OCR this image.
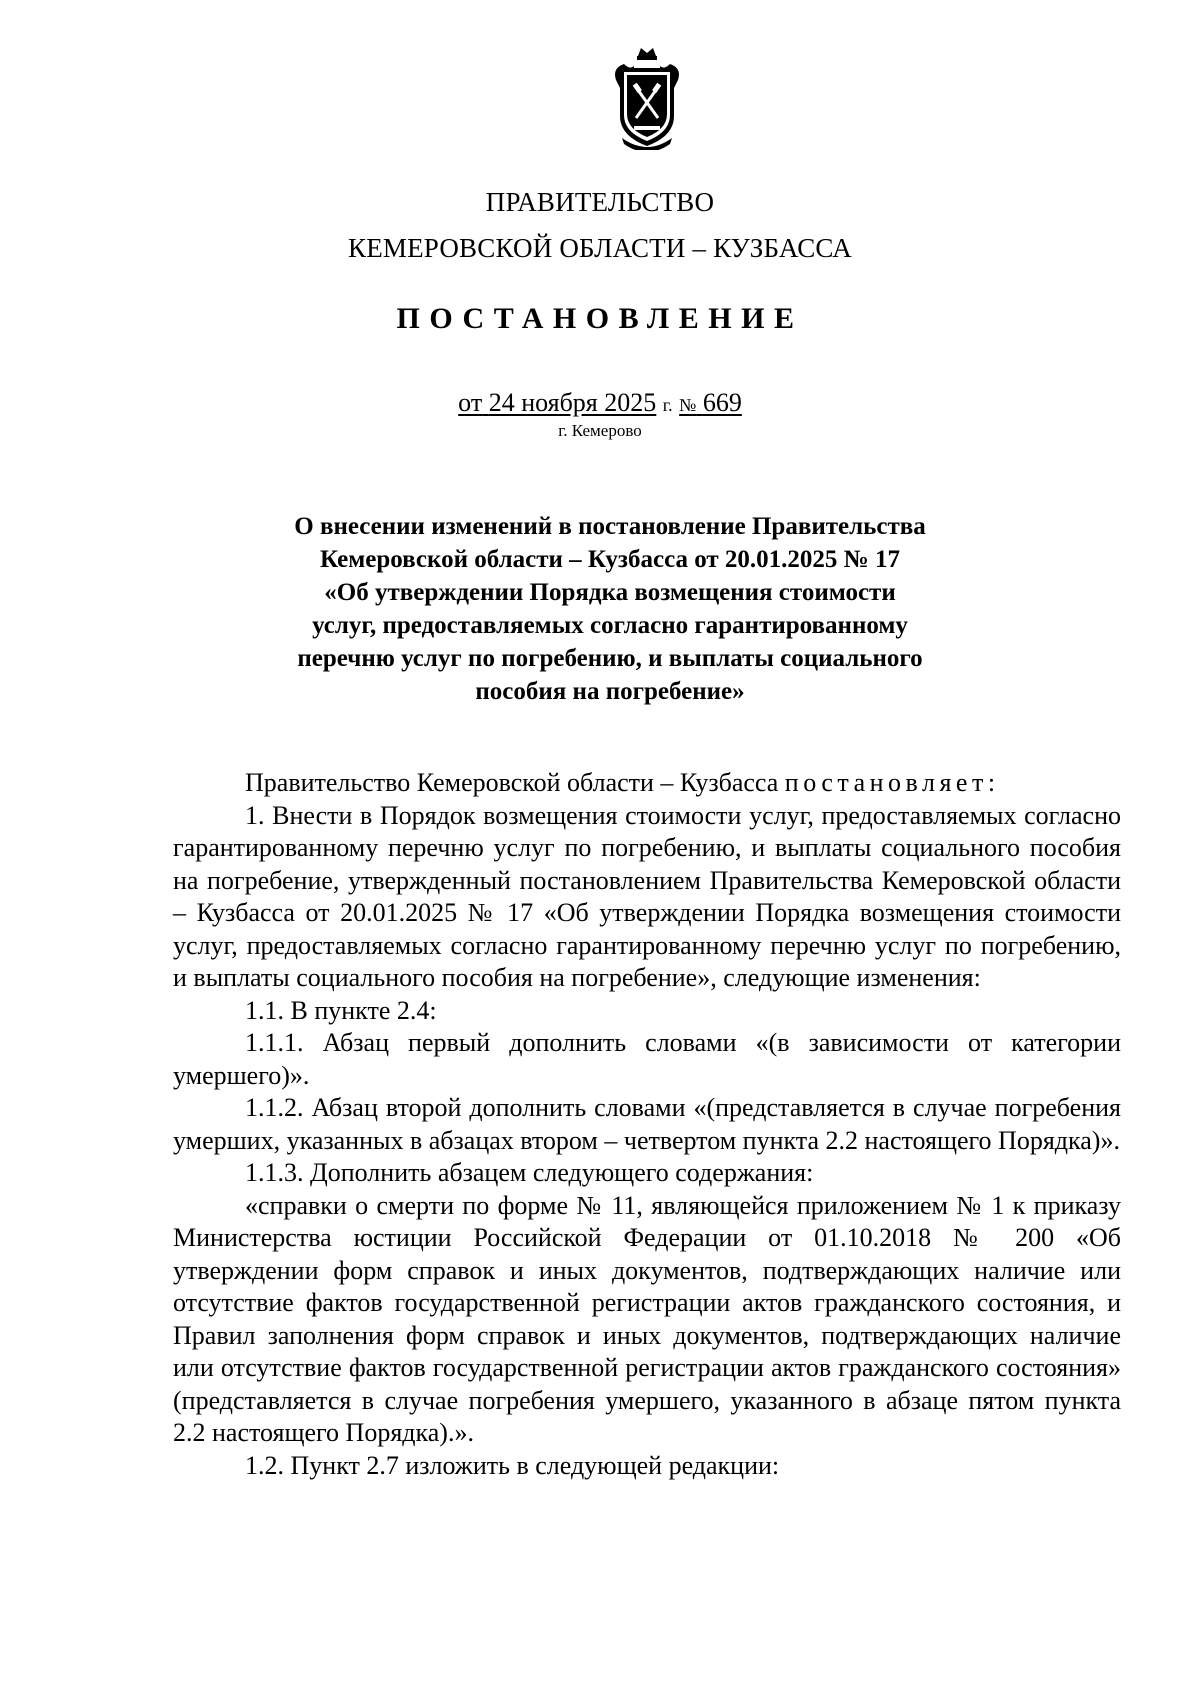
ПРАВИТЕЛЬСТВО
КЕМЕРОВСКОЙ ОБЛАСТИ – КУЗБАССА
ПОСТАНОВЛЕНИЕ
от 24 ноября 2025 г. № 669
г. Кемерово
О внесении изменений в постановление Правительства
Кемеровской области – Кузбасса от 20.01.2025 № 17
«Об утверждении Порядка возмещения стоимости
услуг, предоставляемых согласно гарантированному
перечню услуг по погребению, и выплаты социального
пособия на погребение»

Правительство Кемеровской области – Кузбасса постановляет:

1. Внести в Порядок возмещения стоимости услуг, предоставляемых согласно гарантированному перечню услуг по погребению, и выплаты социального пособия на погребение, утвержденный постановлением Правительства Кемеровской области – Кузбасса от 20.01.2025 № 17 «Об утверждении Порядка возмещения стоимости услуг, предоставляемых согласно гарантированному перечню услуг по погребению, и выплаты социального пособия на погребение», следующие изменения:

1.1. В пункте 2.4:

1.1.1. Абзац первый дополнить словами «(в зависимости от категории умершего)».

1.1.2. Абзац второй дополнить словами «(представляется в случае погребения умерших, указанных в абзацах втором – четвертом пункта 2.2 настоящего Порядка)».

1.1.3. Дополнить абзацем следующего содержания:

«справки о смерти по форме № 11, являющейся приложением № 1 к приказу Министерства юстиции Российской Федерации от 01.10.2018 № 200 «Об утверждении форм справок и иных документов, подтверждающих наличие или отсутствие фактов государственной регистрации актов гражданского состояния, и Правил заполнения форм справок и иных документов, подтверждающих наличие или отсутствие фактов государственной регистрации актов гражданского состояния» (представляется в случае погребения умершего, указанного в абзаце пятом пункта 2.2 настоящего Порядка).».

1.2. Пункт 2.7 изложить в следующей редакции:
